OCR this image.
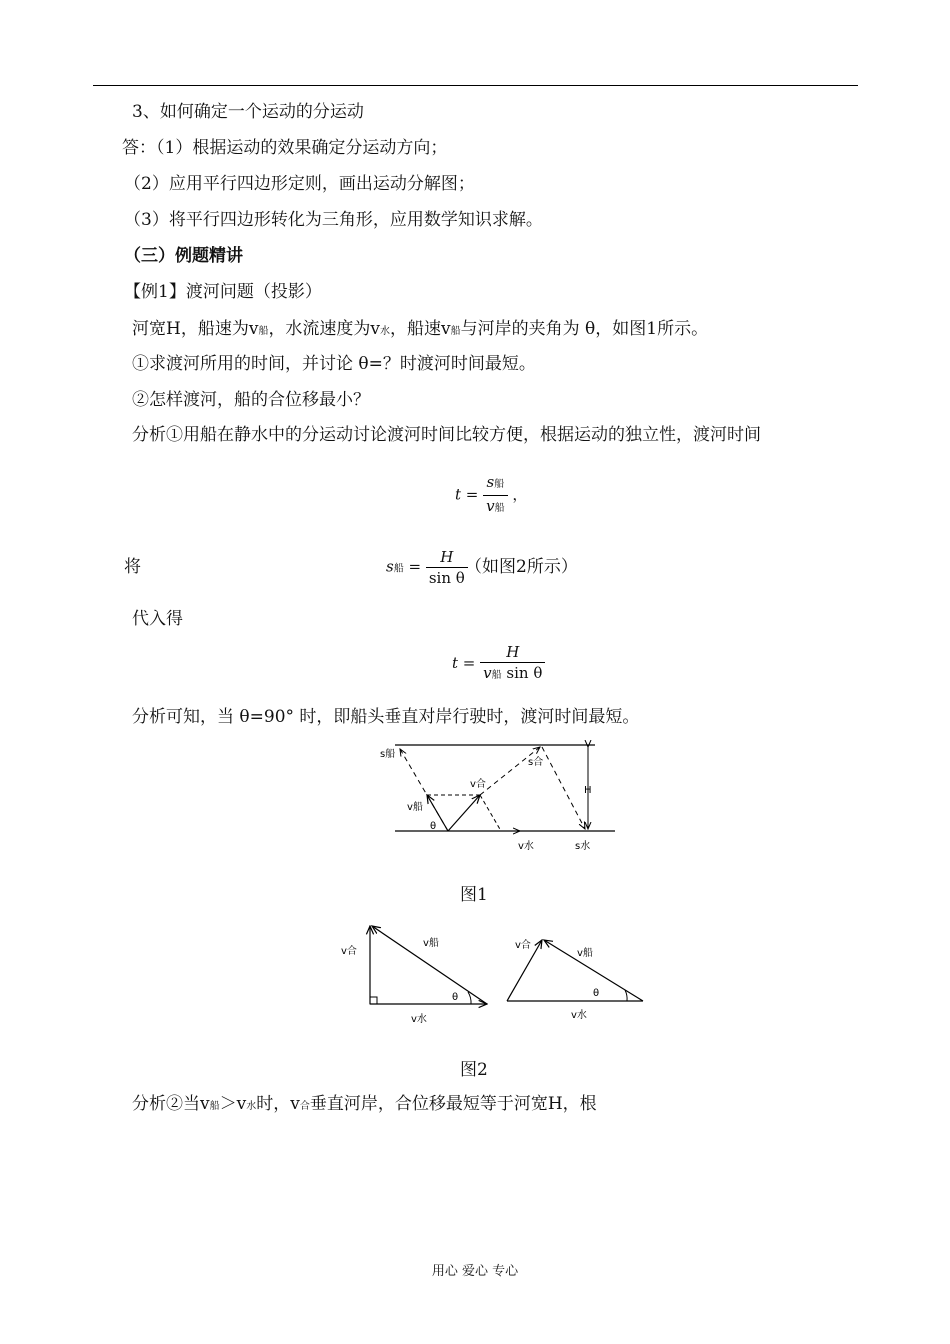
3、如何确定一个运动的分运动
答：（1）根据运动的效果确定分运动方向；
（2）应用平行四边形定则，画出运动分解图；
（3）将平行四边形转化为三角形，应用数学知识求解。
（三）例题精讲
【例1】渡河问题（投影）
河宽H，船速为v船，水流速度为v水，船速v船与河岸的夹角为 θ，如图1所示。
①求渡河所用的时间，并讨论 θ=？时渡河时间最短。
②怎样渡河，船的合位移最小？
分析①用船在静水中的分运动讨论渡河时间比较方便，根据运动的独立性，渡河时间
$t = \frac{\text{s船}}{\text{v船}}$ ，
将	s船 = $\frac{H}{\text{sin θ}}$
（如图2所示）
代入得
$t = \frac{H}{\text{v船 sin θ}}$
分析可知，当 θ=90° 时，即船头垂直对岸行驶时，渡河时间最短。
s船
v合
s合
v船
θ
v水	s水
H
图1
v合
v船
θ
v水
v合
v船
θ
v水
图2
分析②当v船＞v水时，v合垂直河岸，合位移最短等于河宽H，根
用心 爱心 专心
